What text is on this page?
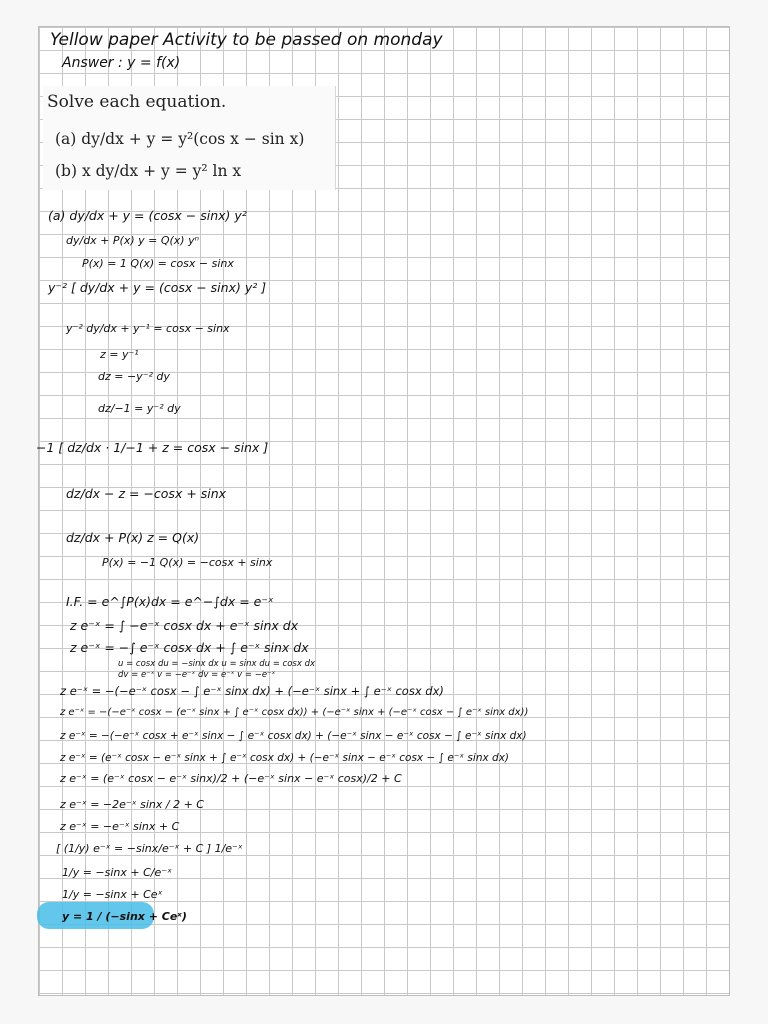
Yellow paper Activity to be passed on monday
Answer : y = f(x)
Solve each equation.
(a) dy/dx + y = y²(cos x − sin x)
(b) x dy/dx + y = y² ln x
(a) dy/dx + y = (cosx − sinx) y²
dy/dx + P(x) y = Q(x) yⁿ
P(x) = 1 Q(x) = cosx − sinx
y⁻² [ dy/dx + y = (cosx − sinx) y² ]
y⁻² dy/dx + y⁻¹ = cosx − sinx
z = y⁻¹
dz = −y⁻² dy
dz/−1 = y⁻² dy
−1 [ dz/dx · 1/−1 + z = cosx − sinx ]
dz/dx − z = −cosx + sinx
dz/dx + P(x) z = Q(x)
P(x) = −1 Q(x) = −cosx + sinx
I.F. = e^∫P(x)dx = e^−∫dx = e⁻ˣ
z e⁻ˣ = ∫ −e⁻ˣ cosx dx + e⁻ˣ sinx dx
z e⁻ˣ = −∫ e⁻ˣ cosx dx + ∫ e⁻ˣ sinx dx
u = cosx du = −sinx dx u = sinx du = cosx dx
dv = e⁻ˣ v = −e⁻ˣ dv = e⁻ˣ v = −e⁻ˣ
z e⁻ˣ = −(−e⁻ˣ cosx − ∫ e⁻ˣ sinx dx) + (−e⁻ˣ sinx + ∫ e⁻ˣ cosx dx)
z e⁻ˣ = −(−e⁻ˣ cosx − (e⁻ˣ sinx + ∫ e⁻ˣ cosx dx)) + (−e⁻ˣ sinx + (−e⁻ˣ cosx − ∫ e⁻ˣ sinx dx))
z e⁻ˣ = −(−e⁻ˣ cosx + e⁻ˣ sinx − ∫ e⁻ˣ cosx dx) + (−e⁻ˣ sinx − e⁻ˣ cosx − ∫ e⁻ˣ sinx dx)
z e⁻ˣ = (e⁻ˣ cosx − e⁻ˣ sinx + ∫ e⁻ˣ cosx dx) + (−e⁻ˣ sinx − e⁻ˣ cosx − ∫ e⁻ˣ sinx dx)
z e⁻ˣ = (e⁻ˣ cosx − e⁻ˣ sinx)/2 + (−e⁻ˣ sinx − e⁻ˣ cosx)/2 + C
z e⁻ˣ = −2e⁻ˣ sinx / 2 + C
z e⁻ˣ = −e⁻ˣ sinx + C
[ (1/y) e⁻ˣ = −sinx/e⁻ˣ + C ] 1/e⁻ˣ
1/y = −sinx + C/e⁻ˣ
1/y = −sinx + Ceˣ
y = 1 / (−sinx + Ceˣ)
